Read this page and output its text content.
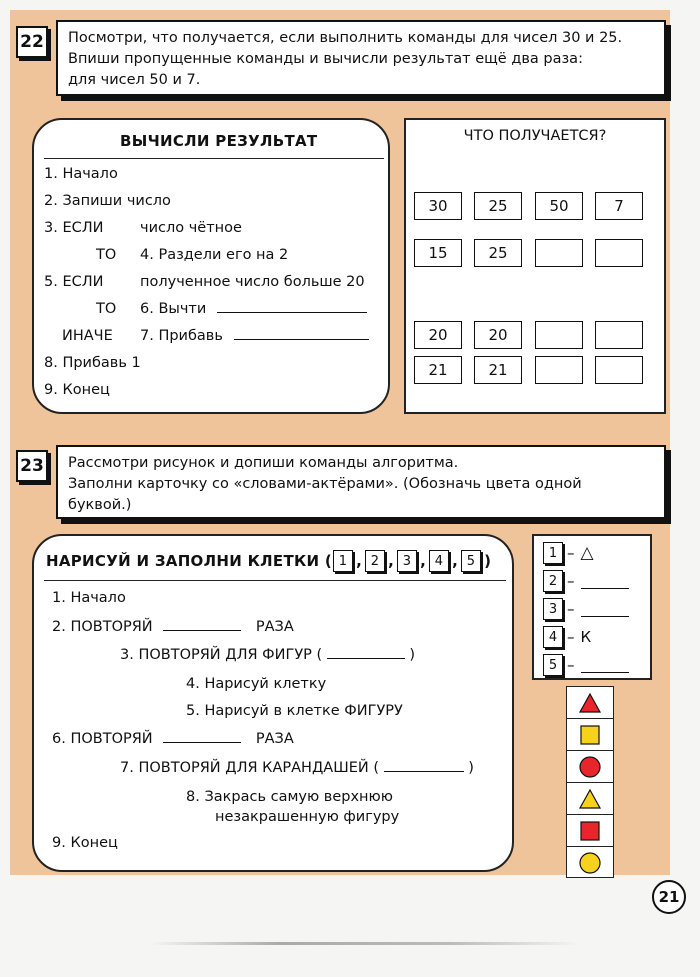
22 Посмотри, что получается, если выполнить команды для чисел 30 и 25.
Впиши пропущенные команды и вычисли результат ещё два раза:
для чисел 50 и 7.
ВЫЧИСЛИ РЕЗУЛЬТАТ
1. Начало
2. Запиши число
3. ЕСЛИ	число чётное
ТО 4. Раздели его на 2
5. ЕСЛИ	полученное число больше 20
ТО 6. Вычти
ИНАЧЕ 7. Прибавь
8. Прибавь 1
9. Конец
ЧТО ПОЛУЧАЕТСЯ?
30	25	50	7
15	25
20	20
21	21
23 Рассмотри рисунок и допиши команды алгоритма.
Заполни карточку со «словами-актёрами». (Обозначь цвета одной
буквой.)
НАРИСУЙ И ЗАПОЛНИ КЛЕТКИ ( 1 , 2 , 3 , 4 , 5 )
1. Начало
2. ПОВТОРЯЙ	РАЗА
3. ПОВТОРЯЙ ДЛЯ ФИГУР (	)
4. Нарисуй клетку
5. Нарисуй в клетке ФИГУРУ
6. ПОВТОРЯЙ	РАЗА
7. ПОВТОРЯЙ ДЛЯ КАРАНДАШЕЙ (	)
8. Закрась самую верхнюю
незакрашенную фигуру
9. Конец
1 – △
2 –
3 –
4 – К
5 –
21
